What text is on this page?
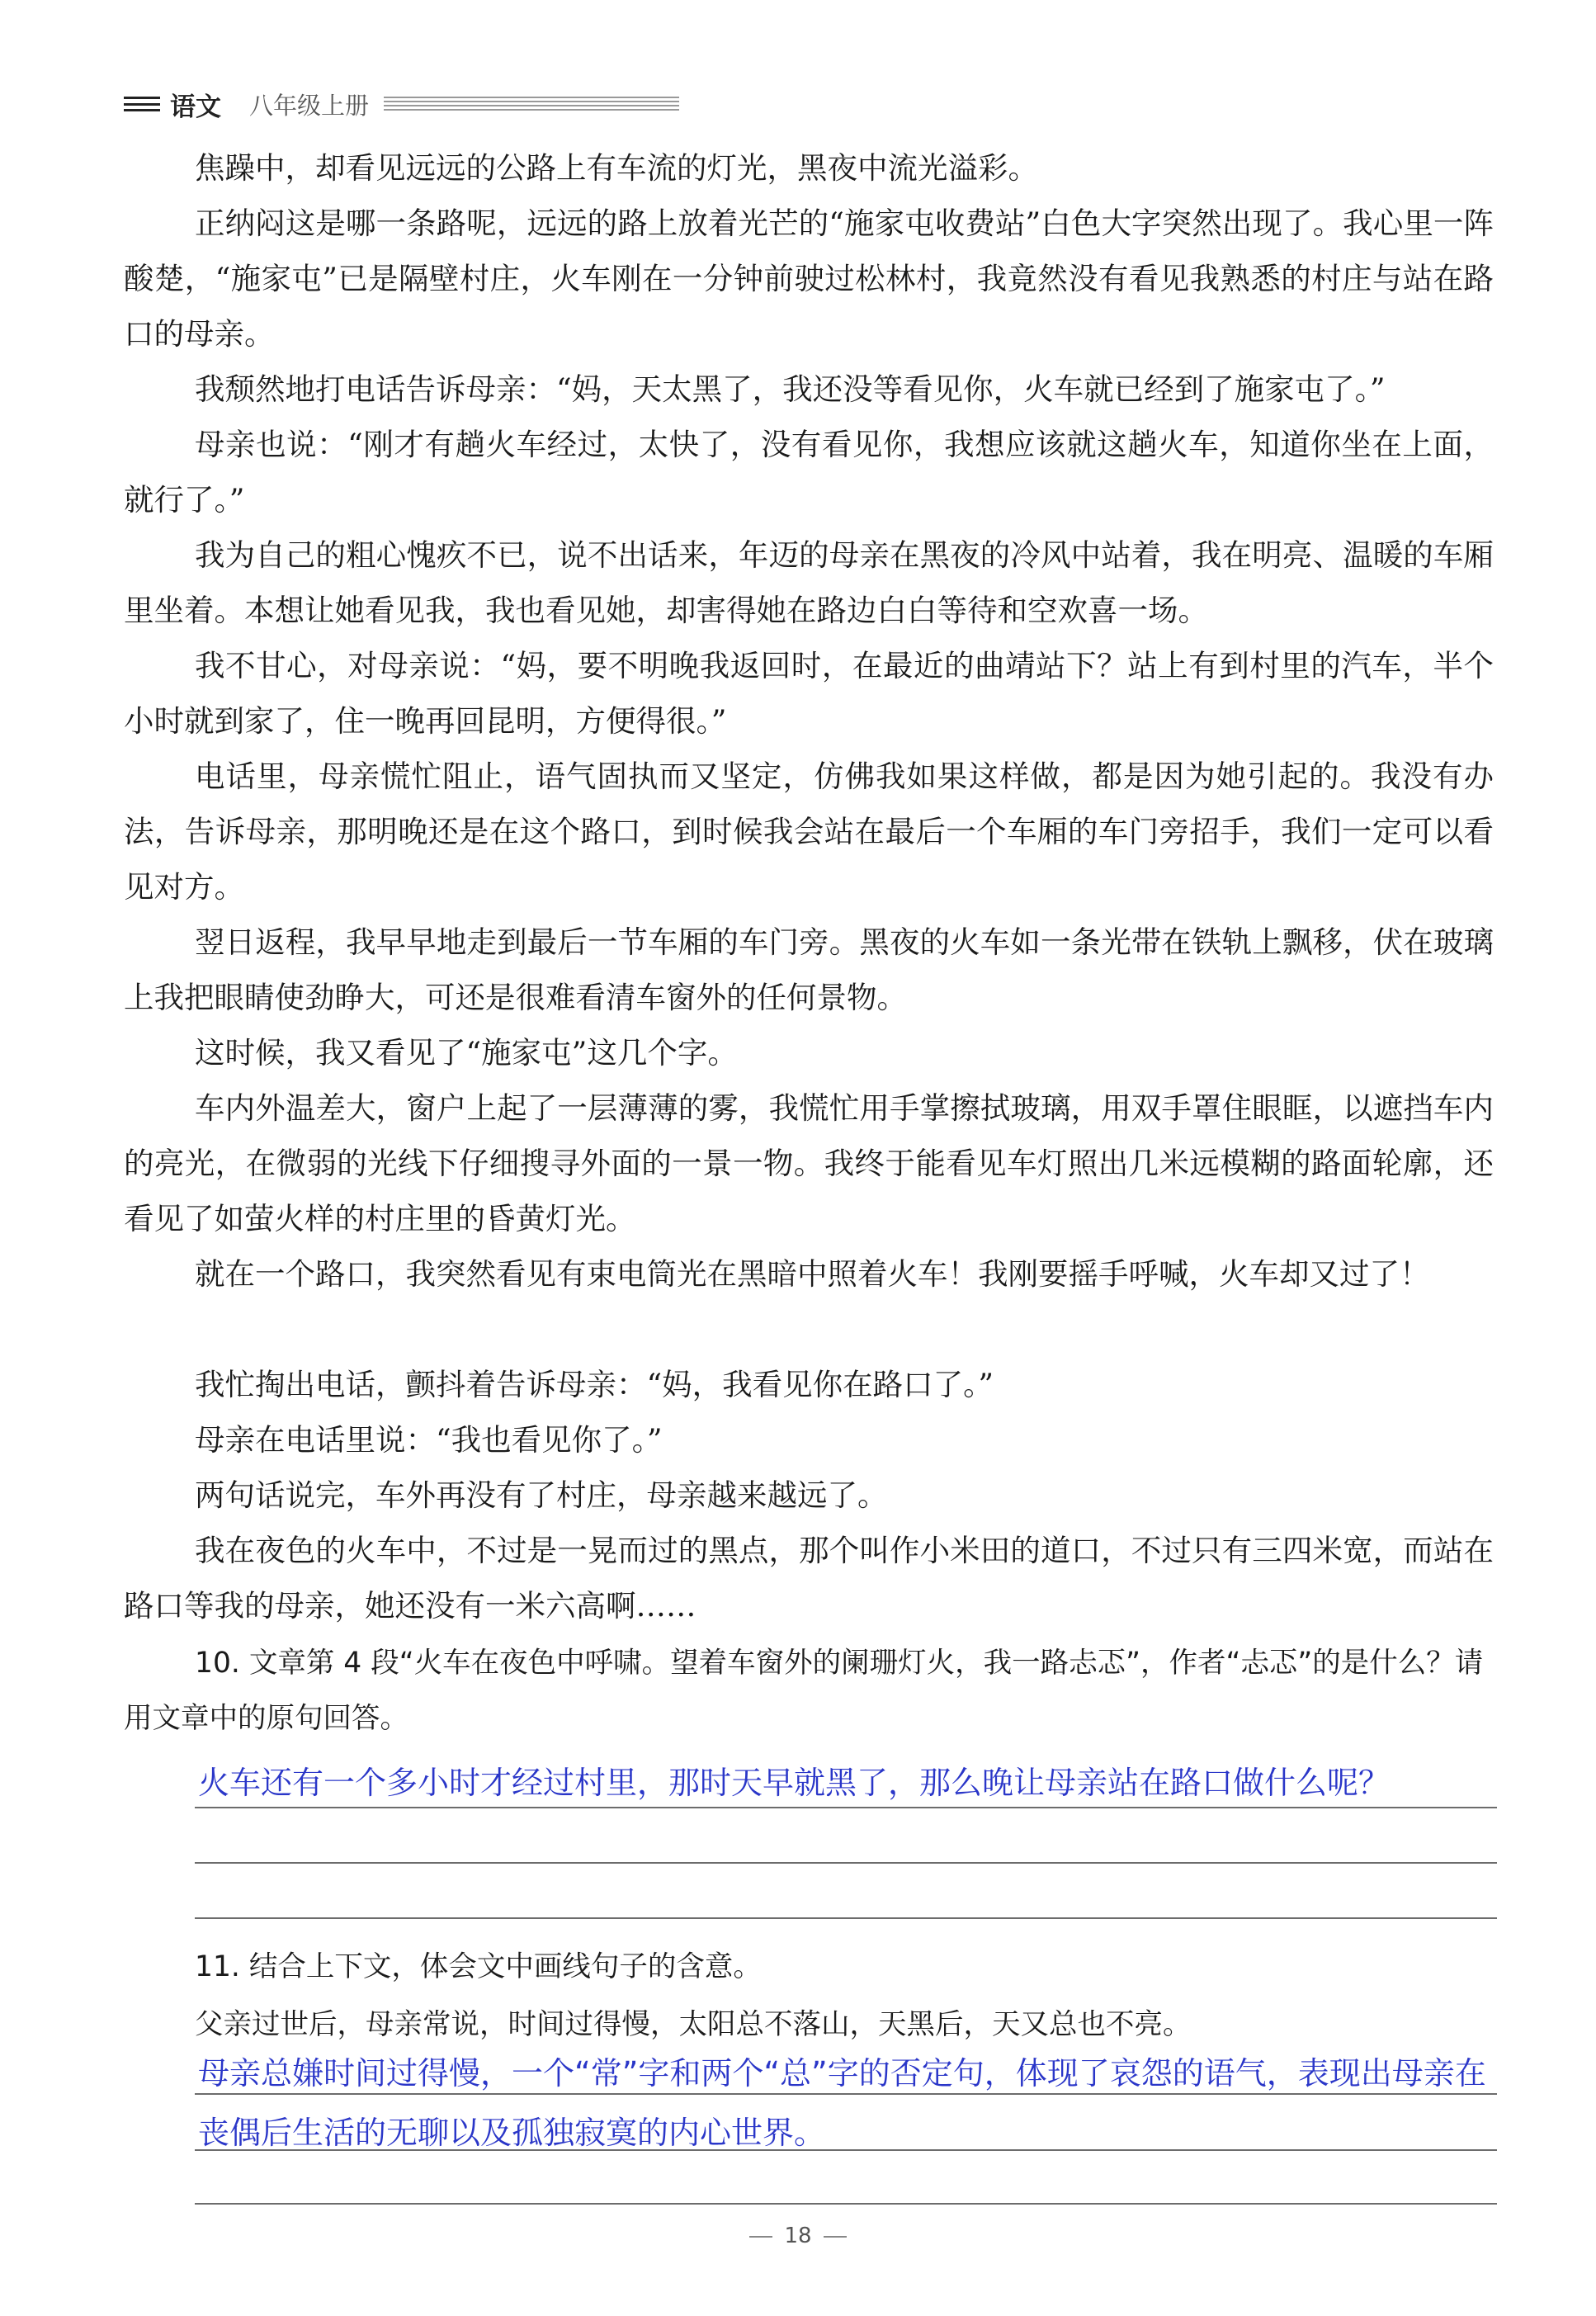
语文 八年级上册

焦躁中，却看见远远的公路上有车流的灯光，黑夜中流光溢彩。

正纳闷这是哪一条路呢，远远的路上放着光芒的“施家屯收费站”白色大字突然出现了。我心里一阵酸楚，“施家屯”已是隔壁村庄，火车刚在一分钟前驶过松林村，我竟然没有看见我熟悉的村庄与站在路口的母亲。

我颓然地打电话告诉母亲：“妈，天太黑了，我还没等看见你，火车就已经到了施家屯了。”

母亲也说：“刚才有趟火车经过，太快了，没有看见你，我想应该就这趟火车，知道你坐在上面，就行了。”

我为自己的粗心愧疚不已，说不出话来，年迈的母亲在黑夜的冷风中站着，我在明亮、温暖的车厢里坐着。本想让她看见我，我也看见她，却害得她在路边白白等待和空欢喜一场。

我不甘心，对母亲说：“妈，要不明晚我返回时，在最近的曲靖站下？站上有到村里的汽车，半个小时就到家了，住一晚再回昆明，方便得很。”

电话里，母亲慌忙阻止，语气固执而又坚定，仿佛我如果这样做，都是因为她引起的。我没有办法，告诉母亲，那明晚还是在这个路口，到时候我会站在最后一个车厢的车门旁招手，我们一定可以看见对方。

翌日返程，我早早地走到最后一节车厢的车门旁。黑夜的火车如一条光带在铁轨上飘移，伏在玻璃上我把眼睛使劲睁大，可还是很难看清车窗外的任何景物。

这时候，我又看见了“施家屯”这几个字。

车内外温差大，窗户上起了一层薄薄的雾，我慌忙用手掌擦拭玻璃，用双手罩住眼眶，以遮挡车内的亮光，在微弱的光线下仔细搜寻外面的一景一物。我终于能看见车灯照出几米远模糊的路面轮廓，还看见了如萤火样的村庄里的昏黄灯光。

就在一个路口，我突然看见有束电筒光在黑暗中照着火车！我刚要摇手呼喊，火车却又过了！

我忙掏出电话，颤抖着告诉母亲：“妈，我看见你在路口了。”

母亲在电话里说：“我也看见你了。”

两句话说完，车外再没有了村庄，母亲越来越远了。

我在夜色的火车中，不过是一晃而过的黑点，那个叫作小米田的道口，不过只有三四米宽，而站在路口等我的母亲，她还没有一米六高啊……

10. 文章第 4 段“火车在夜色中呼啸。望着车窗外的阑珊灯火，我一路忐忑”，作者“忐忑”的是什么？请用文章中的原句回答。

火车还有一个多小时才经过村里，那时天早就黑了，那么晚让母亲站在路口做什么呢？

11. 结合上下文，体会文中画线句子的含意。

父亲过世后，母亲常说，时间过得慢，太阳总不落山，天黑后，天又总也不亮。

母亲总嫌时间过得慢，一个“常”字和两个“总”字的否定句，体现了哀怨的语气，表现出母亲在丧偶后生活的无聊以及孤独寂寞的内心世界。

18
